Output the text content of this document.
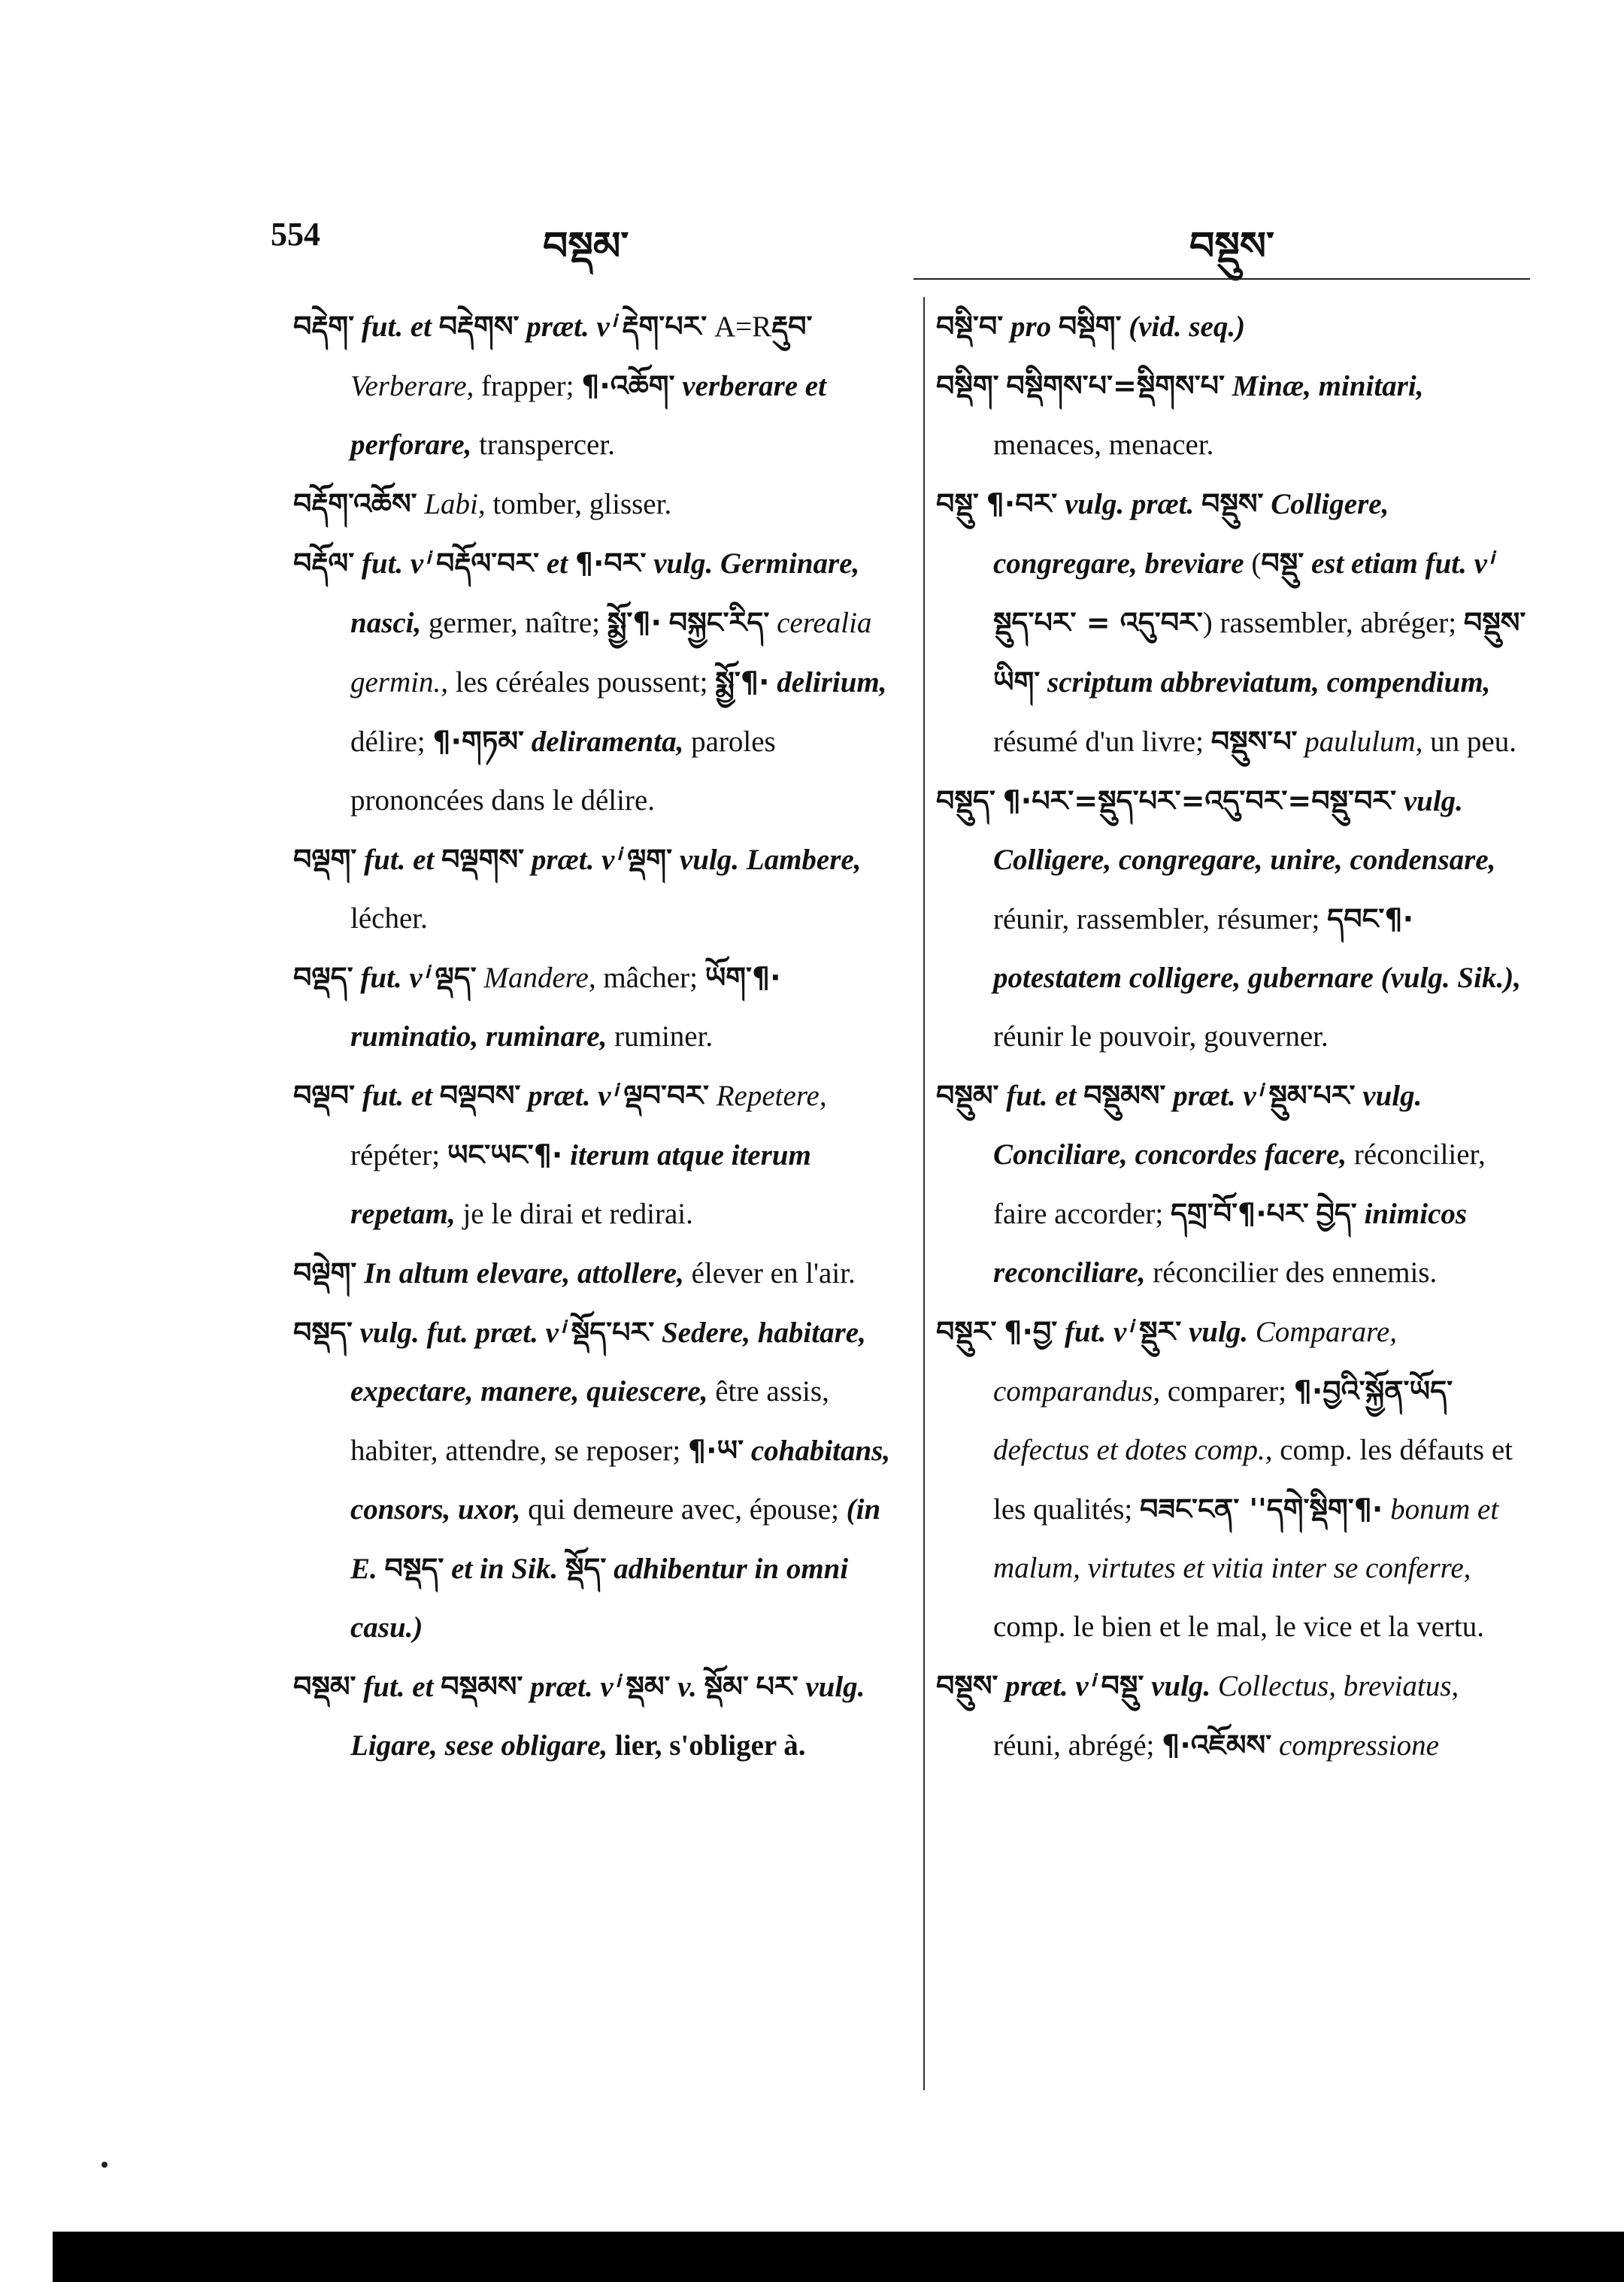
554	བསྡམ་	བསྡུས་

བརྡེག་ fut. et བརྡེགས་ præt. vⁱ རྡེག་པར་ A=Rརྡུབ་ Verberare, frapper; ¶·འཆོག་ verberare et perforare, transpercer.

བརྡོག་འཆོས་ Labi, tomber, glisser.

བརྡོལ་ fut. vⁱ བརྡོལ་བར་ et ¶·བར་ vulg. Germinare, nasci, germer, naître; སྨྱོ་¶· བསྐྱང་རིད་ cerealia germin., les céréales poussent; སྨྱོ་¶· delirium, délire; ¶·གཏམ་ deliramenta, paroles prononcées dans le délire.

བལྡག་ fut. et བལྡགས་ præt. vⁱ ལྡག་ vulg. Lambere, lécher.

བལྡད་ fut. vⁱ ལྡད་ Mandere, mâcher; ཡོག་¶· ruminatio, ruminare, ruminer.

བལྡབ་ fut. et བལྡབས་ præt. vⁱ ལྡབ་བར་ Repetere, répéter; ཡང་ཡང་¶· iterum atque iterum repetam, je le dirai et redirai.

བལྡེག་ In altum elevare, attollere, élever en l'air.

བསྡད་ vulg. fut. præt. vⁱ སྡོད་པར་ Sedere, habitare, expectare, manere, quiescere, être assis, habiter, attendre, se reposer; ¶·ཡ་ cohabitans, consors, uxor, qui demeure avec, épouse; (in E. བསྡད་ et in Sik. སྡོད་ adhibentur in omni casu.)

བསྡམ་ fut. et བསྡམས་ præt. vⁱ སྡམ་ v. སྡོམ་ པར་ vulg. Ligare, sese obligare, lier, s'obliger à.

བསྡི་བ་ pro བསྡིག་ (vid. seq.)

བསྡིག་ བསྡིགས་པ་=སྡིགས་པ་ Minæ, minitari, menaces, menacer.

བསྡུ་ ¶·བར་ vulg. præt. བསྡུས་ Colligere, congregare, breviare (བསྡུ་ est etiam fut. vⁱ སྡུད་པར་ = འདུ་བར་) rassembler, abréger; བསྡུས་ཡིག་ scriptum abbreviatum, compendium, résumé d'un livre; བསྡུས་པ་ paululum, un peu.

བསྡུད་ ¶·པར་=སྡུད་པར་=འདུ་བར་=བསྡུ་བར་ vulg. Colligere, congregare, unire, condensare, réunir, rassembler, résumer; དབང་¶· potestatem colligere, gubernare (vulg. Sik.), réunir le pouvoir, gouverner.

བསྡུམ་ fut. et བསྡུམས་ præt. vⁱ སྡུམ་པར་ vulg. Conciliare, concordes facere, réconcilier, faire accorder; དགྲ་བོ་¶·པར་ བྱེད་ inimicos reconciliare, réconcilier des ennemis.

བསྡུར་ ¶·བྱ་ fut. vⁱ སྡུར་ vulg. Comparare, comparandus, comparer; ¶·བྱའི་སྐྱོན་ཡོད་ defectus et dotes comp., comp. les défauts et les qualités; བཟང་ངན་ ''དགེ་སྡིག་¶· bonum et malum, virtutes et vitia inter se conferre, comp. le bien et le mal, le vice et la vertu.

བསྡུས་ præt. vⁱ བསྡུ་ vulg. Collectus, breviatus, réuni, abrégé; ¶·འཇོམས་ compressione
